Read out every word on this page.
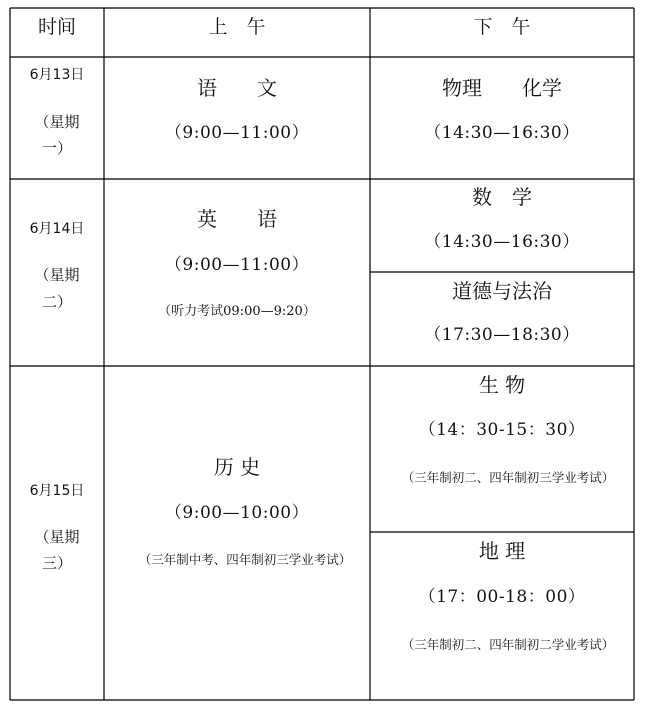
时间	上　午	下　午
6月13日
（星期
一）
语　　文
（9:00—11:00）
物理　　化学
（14:30—16:30）
6月14日
（星期
二）
英　　语
（9:00—11:00）
（听力考试09:00—9:20）
数　学
（14:30—16:30）
道德与法治
（17:30—18:30）
6月15日
（星期
三）
历 史
（9:00—10:00）
（三年制中考、四年制初三学业考试）
生 物
（14：30-15：30）
（三年制初二、四年制初三学业考试）
地 理
（17：00-18：00）
（三年制初二、四年制初二学业考试）
